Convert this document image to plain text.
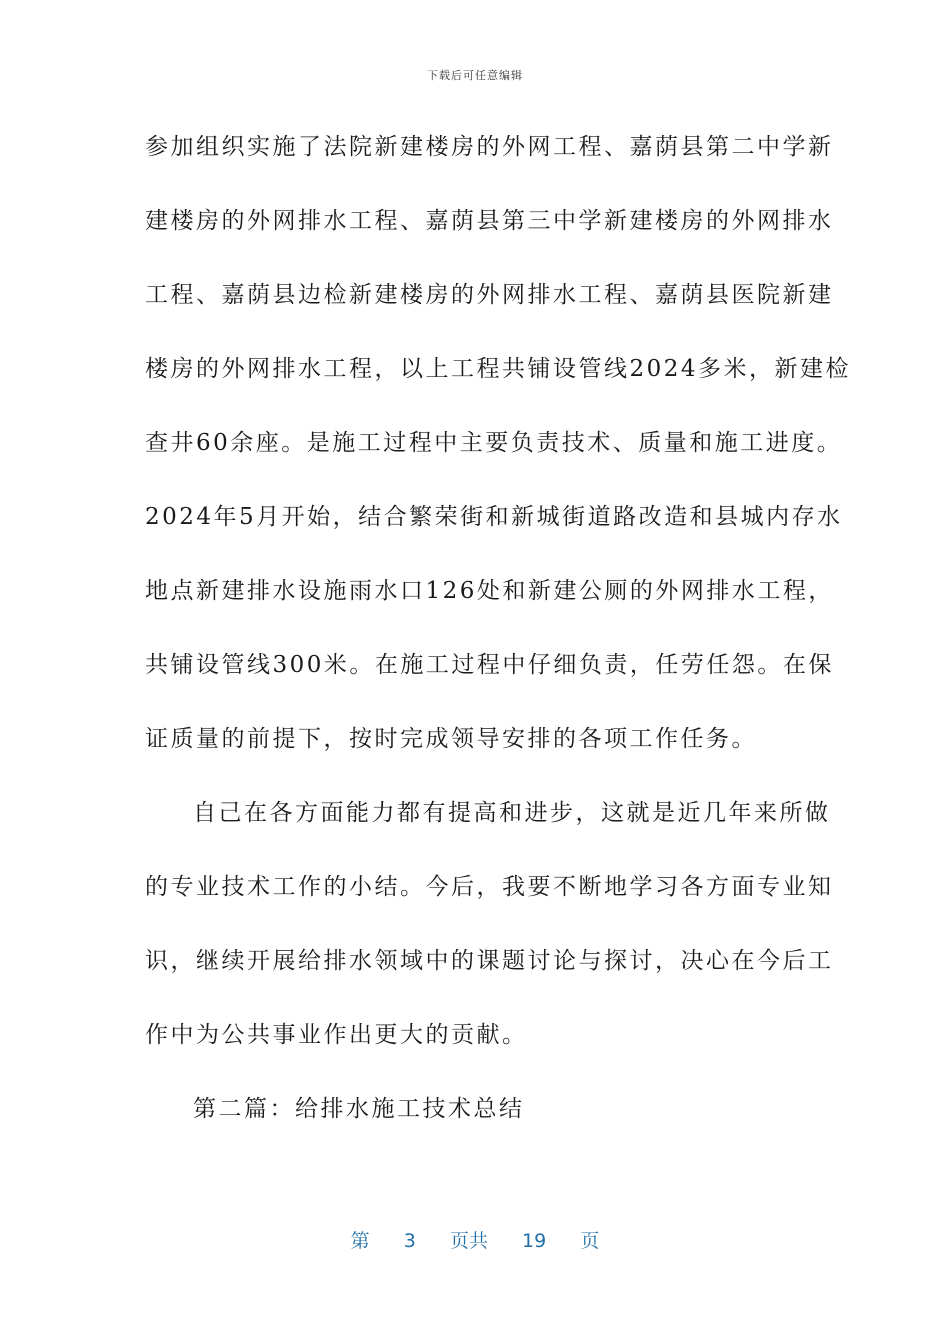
下载后可任意编辑
参加组织实施了法院新建楼房的外网工程、嘉荫县第二中学新
建楼房的外网排水工程、嘉荫县第三中学新建楼房的外网排水
工程、嘉荫县边检新建楼房的外网排水工程、嘉荫县医院新建
楼房的外网排水工程，以上工程共铺设管线2024多米，新建检
查井60余座。是施工过程中主要负责技术、质量和施工进度。
2024年5月开始，结合繁荣街和新城街道路改造和县城内存水
地点新建排水设施雨水口126处和新建公厕的外网排水工程，
共铺设管线300米。在施工过程中仔细负责，任劳任怨。在保
证质量的前提下，按时完成领导安排的各项工作任务。
自己在各方面能力都有提高和进步，这就是近几年来所做
的专业技术工作的小结。今后，我要不断地学习各方面专业知
识，继续开展给排水领域中的课题讨论与探讨，决心在今后工
作中为公共事业作出更大的贡献。
第二篇：给排水施工技术总结
第 3 页共 19 页
